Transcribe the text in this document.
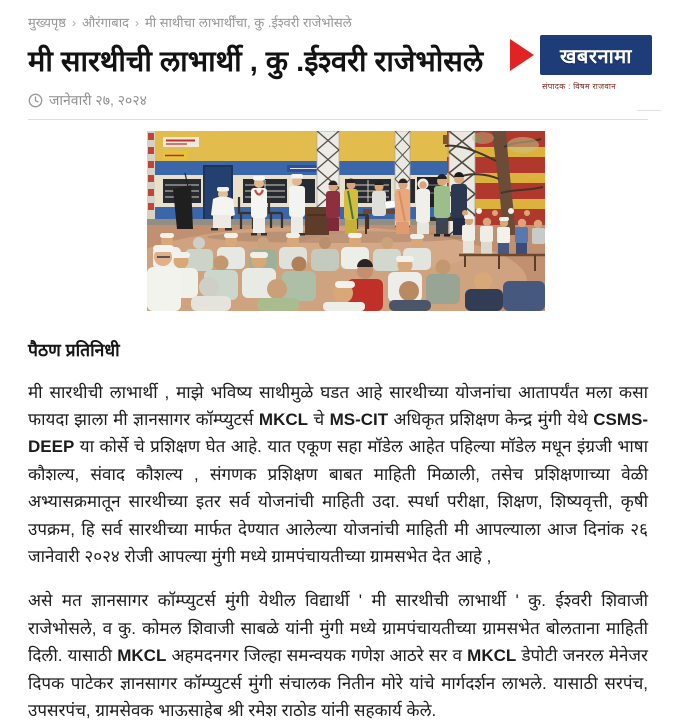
मुख्यपृष्ठ › औरंगाबाद › मी साथीचा लाभार्थींचा, कु .ईश्वरी राजेभोसले
खबरनामा
संपादक : विषम राजवान
मी सारथीची लाभार्थी , कु .ईश्वरी राजेभोसले
जानेवारी २७, २०२४
पैठण प्रतिनिधी

मी सारथीची लाभार्थी , माझे भविष्य साथीमुळे घडत आहे सारथीच्या योजनांचा आतापर्यंत मला कसा फायदा झाला मी ज्ञानसागर कॉम्प्युटर्स MKCL चे MS-CIT अधिकृत प्रशिक्षण केन्द्र मुंगी येथे CSMS-DEEP या कोर्से चे प्रशिक्षण घेत आहे. यात एकूण सहा मॉडेल आहेत पहिल्या मॉडेल मधून इंग्रजी भाषा कौशल्य, संवाद कौशल्य , संगणक प्रशिक्षण बाबत माहिती मिळाली, तसेच प्रशिक्षणाच्या वेळी अभ्यासक्रमातून सारथीच्या इतर सर्व योजनांची माहिती उदा. स्पर्धा परीक्षा, शिक्षण, शिष्यवृत्ती, कृषी उपक्रम, हि सर्व सारथीच्या मार्फत देण्यात आलेल्या योजनांची माहिती मी आपल्याला आज दिनांक २६ जानेवारी २०२४ रोजी आपल्या मुंगी मध्ये ग्रामपंचायतीच्या ग्रामसभेत देत आहे ,

असे मत ज्ञानसागर कॉम्प्युटर्स मुंगी येथील विद्यार्थी ' मी सारथीची लाभार्थी ' कु. ईश्वरी शिवाजी राजेभोसले, व कु. कोमल शिवाजी साबळे यांनी मुंगी मध्ये ग्रामपंचायतीच्या ग्रामसभेत बोलताना माहिती दिली. यासाठी MKCL अहमदनगर जिल्हा समन्वयक गणेश आठरे सर व MKCL डेपोटी जनरल मेनेजर दिपक पाटेकर ज्ञानसागर कॉम्प्युटर्स मुंगी संचालक नितीन मोरे यांचे मार्गदर्शन लाभले. यासाठी सरपंच, उपसरपंच, ग्रामसेवक भाऊसाहेब श्री रमेश राठोड यांनी सहकार्य केले.
